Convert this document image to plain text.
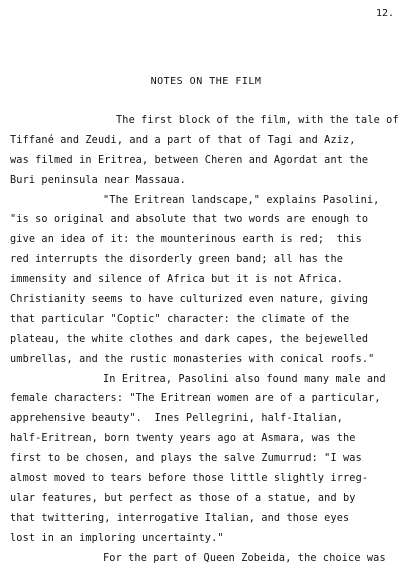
12.
NOTES ON THE FILM
The first block of the film, with the tale of
Tiffané and Zeudi, and a part of that of Tagi and Aziz,
was filmed in Eritrea, between Cheren and Agordat ant the
Buri peninsula near Massaua.
"The Eritrean landscape," explains Pasolini,
"is so original and absolute that two words are enough to
give an idea of it: the mounterinous earth is red;  this
red interrupts the disorderly green band; all has the
immensity and silence of Africa but it is not Africa.
Christianity seems to have culturized even nature, giving
that particular "Coptic" character: the climate of the
plateau, the white clothes and dark capes, the bejewelled
umbrellas, and the rustic monasteries with conical roofs."
In Eritrea, Pasolini also found many male and
female characters: "The Eritrean women are of a particular,
apprehensive beauty".  Ines Pellegrini, half-Italian,
half-Eritrean, born twenty years ago at Asmara, was the
first to be chosen, and plays the salve Zumurrud: "I was
almost moved to tears before those little slightly irreg-
ular features, but perfect as those of a statue, and by
that twittering, interrogative Italian, and those eyes
lost in an imploring uncertainty."
For the part of Queen Zobeida, the choice was
